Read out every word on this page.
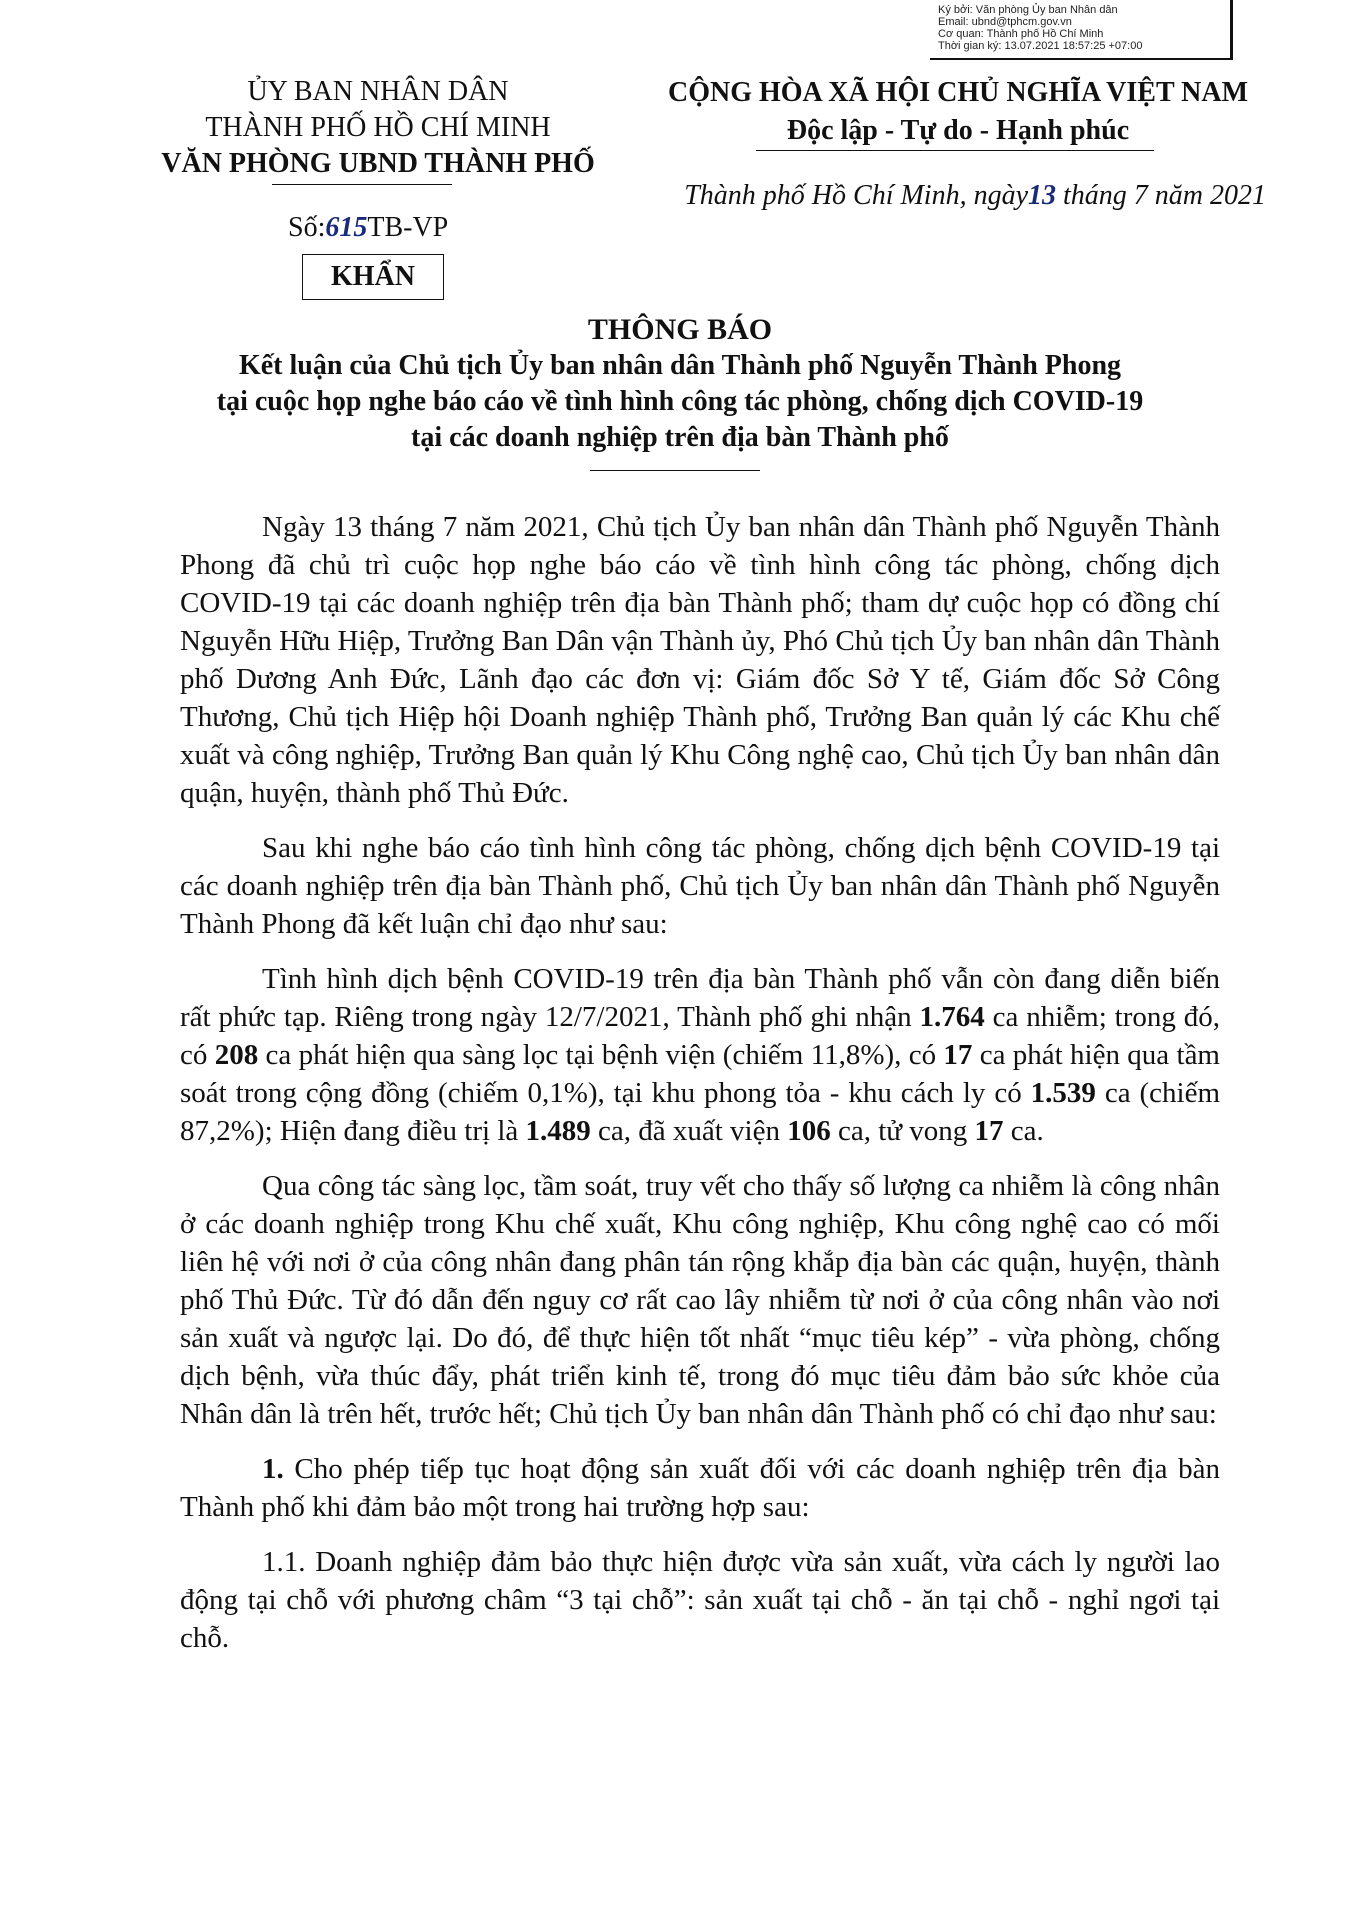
Ký bởi: Văn phòng Ủy ban Nhân dân
Email: ubnd@tphcm.gov.vn
Cơ quan: Thành phố Hồ Chí Minh
Thời gian ký: 13.07.2021 18:57:25 +07:00
ỦY BAN NHÂN DÂN
THÀNH PHỐ HỒ CHÍ MINH
VĂN PHÒNG UBND THÀNH PHỐ
Số:615TB-VP
KHẨN
CỘNG HÒA XÃ HỘI CHỦ NGHĨA VIỆT NAM
Độc lập - Tự do - Hạnh phúc
Thành phố Hồ Chí Minh, ngày13 tháng 7 năm 2021
THÔNG BÁO
Kết luận của Chủ tịch Ủy ban nhân dân Thành phố Nguyễn Thành Phong
tại cuộc họp nghe báo cáo về tình hình công tác phòng, chống dịch COVID-19
tại các doanh nghiệp trên địa bàn Thành phố

Ngày 13 tháng 7 năm 2021, Chủ tịch Ủy ban nhân dân Thành phố Nguyễn Thành Phong đã chủ trì cuộc họp nghe báo cáo về tình hình công tác phòng, chống dịch COVID-19 tại các doanh nghiệp trên địa bàn Thành phố; tham dự cuộc họp có đồng chí Nguyễn Hữu Hiệp, Trưởng Ban Dân vận Thành ủy, Phó Chủ tịch Ủy ban nhân dân Thành phố Dương Anh Đức, Lãnh đạo các đơn vị: Giám đốc Sở Y tế, Giám đốc Sở Công Thương, Chủ tịch Hiệp hội Doanh nghiệp Thành phố, Trưởng Ban quản lý các Khu chế xuất và công nghiệp, Trưởng Ban quản lý Khu Công nghệ cao, Chủ tịch Ủy ban nhân dân quận, huyện, thành phố Thủ Đức.

Sau khi nghe báo cáo tình hình công tác phòng, chống dịch bệnh COVID-19 tại các doanh nghiệp trên địa bàn Thành phố, Chủ tịch Ủy ban nhân dân Thành phố Nguyễn Thành Phong đã kết luận chỉ đạo như sau:

Tình hình dịch bệnh COVID-19 trên địa bàn Thành phố vẫn còn đang diễn biến rất phức tạp. Riêng trong ngày 12/7/2021, Thành phố ghi nhận 1.764 ca nhiễm; trong đó, có 208 ca phát hiện qua sàng lọc tại bệnh viện (chiếm 11,8%), có 17 ca phát hiện qua tầm soát trong cộng đồng (chiếm 0,1%), tại khu phong tỏa - khu cách ly có 1.539 ca (chiếm 87,2%); Hiện đang điều trị là 1.489 ca, đã xuất viện 106 ca, tử vong 17 ca.

Qua công tác sàng lọc, tầm soát, truy vết cho thấy số lượng ca nhiễm là công nhân ở các doanh nghiệp trong Khu chế xuất, Khu công nghiệp, Khu công nghệ cao có mối liên hệ với nơi ở của công nhân đang phân tán rộng khắp địa bàn các quận, huyện, thành phố Thủ Đức. Từ đó dẫn đến nguy cơ rất cao lây nhiễm từ nơi ở của công nhân vào nơi sản xuất và ngược lại. Do đó, để thực hiện tốt nhất “mục tiêu kép” - vừa phòng, chống dịch bệnh, vừa thúc đẩy, phát triển kinh tế, trong đó mục tiêu đảm bảo sức khỏe của Nhân dân là trên hết, trước hết; Chủ tịch Ủy ban nhân dân Thành phố có chỉ đạo như sau:

1. Cho phép tiếp tục hoạt động sản xuất đối với các doanh nghiệp trên địa bàn Thành phố khi đảm bảo một trong hai trường hợp sau:

1.1. Doanh nghiệp đảm bảo thực hiện được vừa sản xuất, vừa cách ly người lao động tại chỗ với phương châm “3 tại chỗ”: sản xuất tại chỗ - ăn tại chỗ - nghỉ ngơi tại chỗ.
